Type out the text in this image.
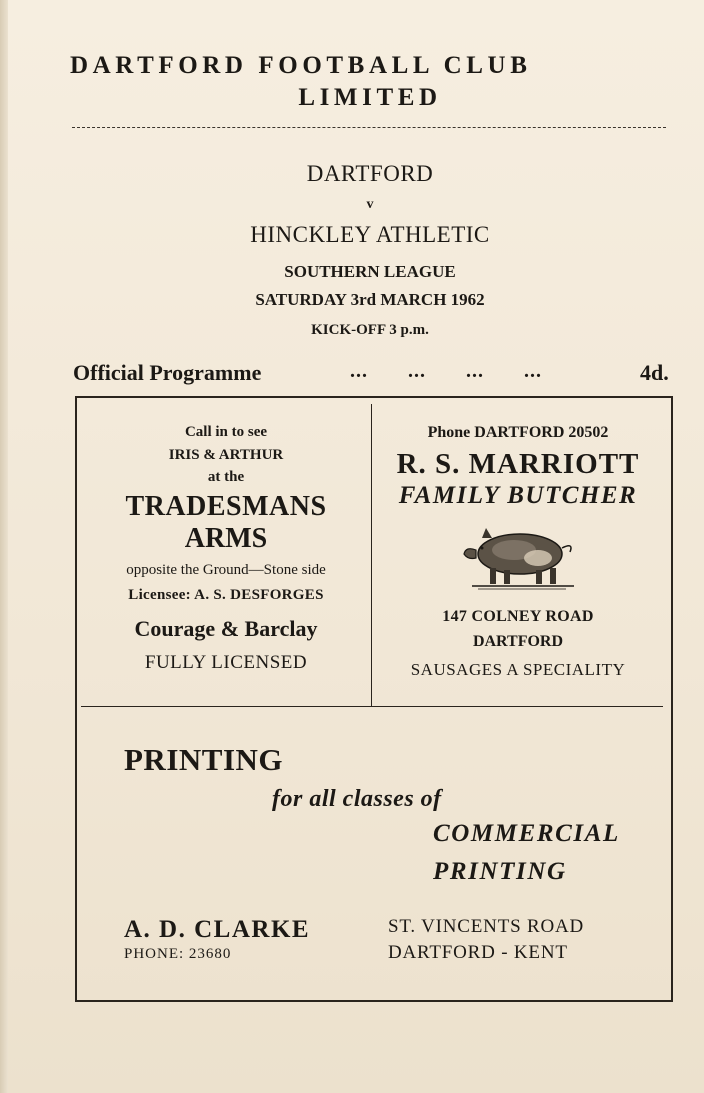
DARTFORD FOOTBALL CLUB
LIMITED
DARTFORD
v
HINCKLEY ATHLETIC
SOUTHERN LEAGUE
SATURDAY 3rd MARCH 1962
KICK-OFF 3 p.m.
Official Programme	... ... ... ...	4d.
Call in to see
IRIS & ARTHUR
at the
TRADESMANS
ARMS
opposite the Ground—Stone side
Licensee: A. S. DESFORGES
Courage & Barclay
FULLY LICENSED
Phone DARTFORD 20502
R. S. MARRIOTT
FAMILY BUTCHER
147 COLNEY ROAD
DARTFORD
SAUSAGES A SPECIALITY
PRINTING
for all classes of
COMMERCIAL
PRINTING
A. D. CLARKE
PHONE: 23680
ST. VINCENTS ROAD
DARTFORD - KENT
